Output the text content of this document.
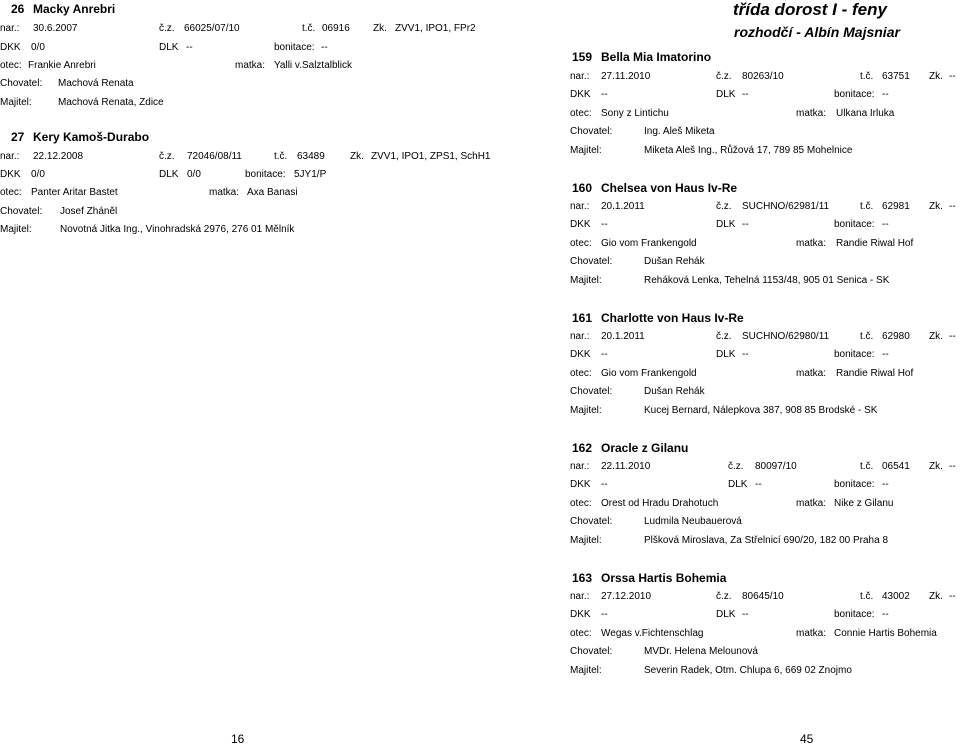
26 Macky Anrebri
nar.: 30.6.2007	č.z. 66025/07/10	t.č. 06916 Zk. ZVV1, IPO1, FPr2
DKK 0/0	DLK --	bonitace: --
otec: Frankie Anrebri	matka: Yalli v.Salztalblick
Chovatel: Machová Renata
Majitel:	Machová Renata, Zdice
27 Kery Kamoš-Durabo
nar.: 22.12.2008	č.z. 72046/08/11	t.č. 63489	Zk. ZVV1, IPO1, ZPS1, SchH1
DKK 0/0	DLK 0/0	bonitace: 5JY1/P
otec: Panter Aritar Bastet	matka: Axa Banasi
Chovatel: Josef Zháněl
Majitel:	Novotná Jitka Ing., Vinohradská 2976, 276 01 Mělník
16
třída dorost I - feny
rozhodčí - Albín Majsniar
159 Bella Mia Imatorino
nar.: 27.11.2010	č.z. 80263/10	t.č. 63751 Zk. --
DKK --	DLK --	bonitace: --
otec: Sony z Lintichu	matka: Ulkana Irluka
Chovatel:	Ing. Aleš Miketa
Majitel:	Miketa Aleš Ing., Růžová 17, 789 85 Mohelnice
160 Chelsea von Haus Iv-Re
nar.: 20.1.2011	č.z. SUCHNO/62981/11	t.č. 62981 Zk. --
DKK --	DLK --	bonitace: --
otec: Gio vom Frankengold	matka: Randie Riwal Hof
Chovatel:	Dušan Rehák
Majitel:	Reháková Lenka, Tehelná 1153/48, 905 01 Senica - SK
161 Charlotte von Haus Iv-Re
nar.: 20.1.2011	č.z. SUCHNO/62980/11	t.č. 62980 Zk. --
DKK --	DLK --	bonitace: --
otec: Gio vom Frankengold	matka: Randie Riwal Hof
Chovatel:	Dušan Rehák
Majitel:	Kucej Bernard, Nálepkova 387, 908 85 Brodské - SK
162 Oracle z Gilanu
nar.: 22.11.2010	č.z. 80097/10	t.č. 06541 Zk. --
DKK --	DLK --	bonitace: --
otec: Orest od Hradu Drahotuch	matka: Nike z Gilanu
Chovatel:	Ludmila Neubauerová
Majitel:	Plšková Miroslava, Za Střelnicí 690/20, 182 00 Praha 8
163 Orssa Hartis Bohemia
nar.: 27.12.2010	č.z. 80645/10	t.č. 43002 Zk. --
DKK --	DLK --	bonitace: --
otec: Wegas v.Fichtenschlag	matka: Connie Hartis Bohemia
Chovatel:	MVDr. Helena Melounová
Majitel:	Severin Radek, Otm. Chlupa 6, 669 02 Znojmo
45
